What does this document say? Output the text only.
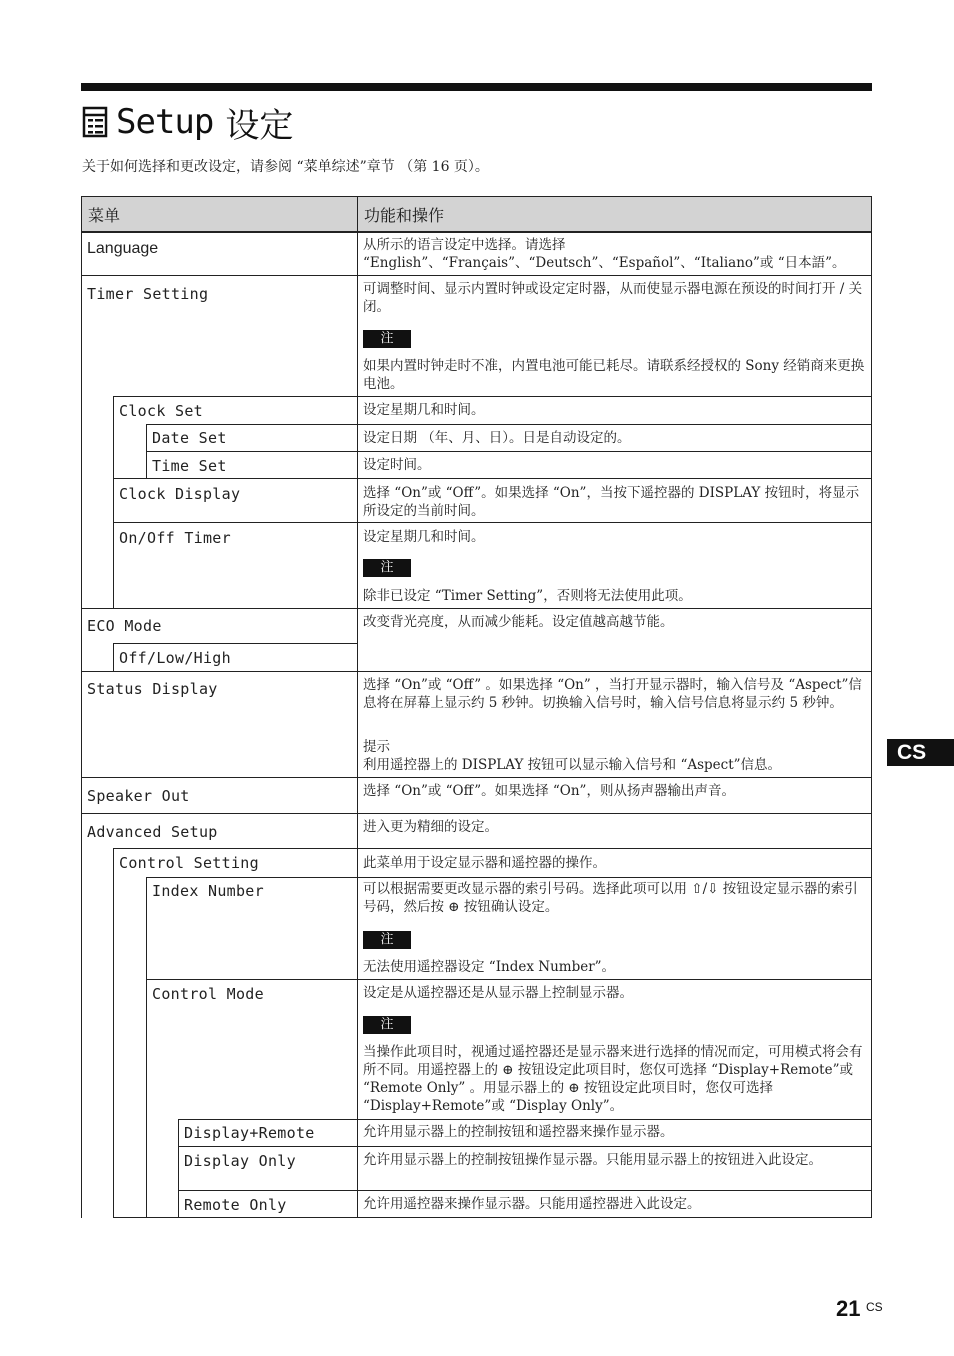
Setup 设定
关于如何选择和更改设定，请参阅 “菜单综述”章节 （第 16 页）。
菜单	功能和操作
Language	从所示的语言设定中选择。请选择 “English”、“Français”、“Deutsch”、“Español”、“Italiano”或 “日本語”。
Timer Setting	可调整时间、显示内置时钟或设定定时器，从而使显示器电源在预设的时间打开 / 关闭。
注
如果内置时钟走时不准，内置电池可能已耗尽。请联系经授权的 Sony 经销商来更换电池。
Clock Set	设定星期几和时间。
Date Set	设定日期 （年、月、日）。日是自动设定的。
Time Set	设定时间。
Clock Display	选择 “On”或 “Off”。如果选择 “On”，当按下遥控器的 DISPLAY 按钮时，将显示所设定的当前时间。
On/Off Timer	设定星期几和时间。
注
除非已设定 “Timer Setting”，否则将无法使用此项。
ECO Mode	改变背光亮度，从而减少能耗。设定值越高越节能。
Off/Low/High
Status Display	选择 “On”或 “Off” 。如果选择 “On” ，当打开显示器时，输入信号及 “Aspect”信息将在屏幕上显示约 5 秒钟。切换输入信号时，输入信号信息将显示约 5 秒钟。
提示
利用遥控器上的 DISPLAY 按钮可以显示输入信号和 “Aspect”信息。
Speaker Out	选择 “On”或 “Off”。如果选择 “On”，则从扬声器输出声音。
Advanced Setup	进入更为精细的设定。
Control Setting	此菜单用于设定显示器和遥控器的操作。
Index Number	可以根据需要更改显示器的索引号码。选择此项可以用 ⇧/⇩ 按钮设定显示器的索引号码，然后按 ⊕ 按钮确认设定。
注
无法使用遥控器设定 “Index Number”。
Control Mode	设定是从遥控器还是从显示器上控制显示器。
注
当操作此项目时，视通过遥控器还是显示器来进行选择的情况而定，可用模式将会有所不同。用遥控器上的 ⊕ 按钮设定此项目时，您仅可选择 “Display+Remote”或 “Remote Only” 。用显示器上的 ⊕ 按钮设定此项目时，您仅可选择 “Display+Remote”或 “Display Only”。
Display+Remote	允许用显示器上的控制按钮和遥控器来操作显示器。
Display Only	允许用显示器上的控制按钮操作显示器。只能用显示器上的按钮进入此设定。
Remote Only	允许用遥控器来操作显示器。只能用遥控器进入此设定。
CS
21 CS
